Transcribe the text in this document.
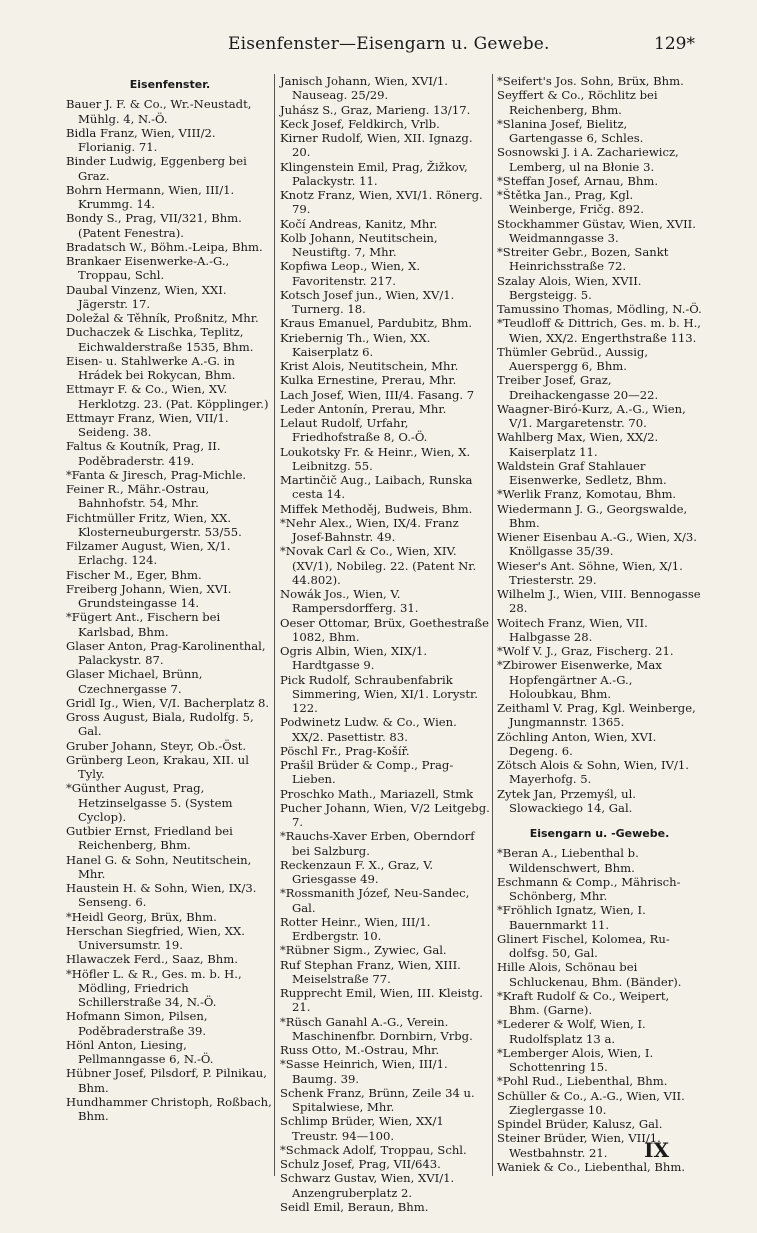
Eisenfenster—Eisengarn u. Gewebe.	129*
Eisenfenster.
Bauer J. F. & Co., Wr.-Neustadt, Mühlg. 4, N.-Ö.
Bidla Franz, Wien, VIII/2. Florianig. 71.
Binder Ludwig, Eggenberg bei Graz.
Bohrn Hermann, Wien, III/1. Krummg. 14.
Bondy S., Prag, VII/321, Bhm. (Patent Fenestra).
Bradatsch W., Böhm.-Leipa, Bhm.
Brankaer Eisenwerke-A.-G., Troppau, Schl.
Daubal Vinzenz, Wien, XXI. Jägerstr. 17.
Doležal & Těhník, Proßnitz, Mhr.
Duchaczek & Lischka, Teplitz, Eichwalderstraße 1535, Bhm.
Eisen- u. Stahlwerke A.-G. in Hrádek bei Rokycan, Bhm.
Ettmayr F. & Co., Wien, XV. Herklotzg. 23. (Pat. Köpplinger.)
Ettmayr Franz, Wien, VII/1. Seideng. 38.
Faltus & Koutník, Prag, II. Poděbraderstr. 419.
*Fanta & Jiresch, Prag-Michle.
Feiner R., Mähr.-Ostrau, Bahnhofstr. 54, Mhr.
Fichtmüller Fritz, Wien, XX. Klosterneuburgerstr. 53/55.
Filzamer August, Wien, X/1. Erlachg. 124.
Fischer M., Eger, Bhm.
Freiberg Johann, Wien, XVI. Grundsteingasse 14.
*Fügert Ant., Fischern bei Karlsbad, Bhm.
Glaser Anton, Prag-Karolinenthal, Palackystr. 87.
Glaser Michael, Brünn, Czechnergasse 7.
Gridl Ig., Wien, V/I. Bacherplatz 8.
Gross August, Biala, Rudolfg. 5, Gal.
Gruber Johann, Steyr, Ob.-Öst.
Grünberg Leon, Krakau, XII. ul Tyly.
*Günther August, Prag, Hetzinselgasse 5. (System Cyclop).
Gutbier Ernst, Friedland bei Reichenberg, Bhm.
Hanel G. & Sohn, Neutitschein, Mhr.
Haustein H. & Sohn, Wien, IX/3. Senseng. 6.
*Heidl Georg, Brüx, Bhm.
Herschan Siegfried, Wien, XX. Universumstr. 19.
Hlawaczek Ferd., Saaz, Bhm.
*Höfler L. & R., Ges. m. b. H., Mödling, Friedrich Schillerstraße 34, N.-Ö.
Hofmann Simon, Pilsen, Poděbraderstraße 39.
Hönl Anton, Liesing, Pellmanngasse 6, N.-Ö.
Hübner Josef, Pilsdorf, P. Pilnikau, Bhm.
Hundhammer Christoph, Roßbach, Bhm.
Janisch Johann, Wien, XVI/1. Nauseag. 25/29.
Juhász S., Graz, Marieng. 13/17.
Keck Josef, Feldkirch, Vrlb.
Kirner Rudolf, Wien, XII. Ignazg. 20.
Klingenstein Emil, Prag, Žižkov, Palackystr. 11.
Knotz Franz, Wien, XVI/1. Rönerg. 79.
Kočí Andreas, Kanitz, Mhr.
Kolb Johann, Neutitschein, Neustiftg. 7, Mhr.
Kopfiwa Leop., Wien, X. Favoritenstr. 217.
Kotsch Josef jun., Wien, XV/1. Turnerg. 18.
Kraus Emanuel, Pardubitz, Bhm.
Kriebernig Th., Wien, XX. Kaiserplatz 6.
Krist Alois, Neutitschein, Mhr.
Kulka Ernestine, Prerau, Mhr.
Lach Josef, Wien, III/4. Fasang. 7
Leder Antonín, Prerau, Mhr.
Lelaut Rudolf, Urfahr, Friedhofstraße 8, O.-Ö.
Loukotsky Fr. & Heinr., Wien, X. Leibnitzg. 55.
Martinčič Aug., Laibach, Runska cesta 14.
Miffek Methoděj, Budweis, Bhm.
*Nehr Alex., Wien, IX/4. Franz Josef-Bahnstr. 49.
*Novak Carl & Co., Wien, XIV. (XV/1), Nobileg. 22. (Patent Nr. 44.802).
Nowák Jos., Wien, V. Rampersdorfferg. 31.
Oeser Ottomar, Brüx, Goethestraße 1082, Bhm.
Ogris Albin, Wien, XIX/1. Hardtgasse 9.
Pick Rudolf, Schraubenfabrik Simmering, Wien, XI/1. Lorystr. 122.
Podwinetz Ludw. & Co., Wien. XX/2. Pasettistr. 83.
Pöschl Fr., Prag-Košíř.
Prašil Brüder & Comp., Prag-Lieben.
Proschko Math., Mariazell, Stmk
Pucher Johann, Wien, V/2 Leitgebg. 7.
*Rauchs-Xaver Erben, Oberndorf bei Salzburg.
Reckenzaun F. X., Graz, V. Griesgasse 49.
*Rossmanith Józef, Neu-Sandec, Gal.
Rotter Heinr., Wien, III/1. Erdbergstr. 10.
*Rübner Sigm., Zywiec, Gal.
Ruf Stephan Franz, Wien, XIII. Meiselstraße 77.
Rupprecht Emil, Wien, III. Kleistg. 21.
*Rüsch Ganahl A.-G., Verein. Maschinenfbr. Dornbirn, Vrbg.
Russ Otto, M.-Ostrau, Mhr.
*Sasse Heinrich, Wien, III/1. Baumg. 39.
Schenk Franz, Brünn, Zeile 34 u. Spitalwiese, Mhr.
Schlimp Brüder, Wien, XX/1 Treustr. 94—100.
*Schmack Adolf, Troppau, Schl.
Schulz Josef, Prag, VII/643.
Schwarz Gustav, Wien, XVI/1. Anzengruberplatz 2.
Seidl Emil, Beraun, Bhm.
*Seifert's Jos. Sohn, Brüx, Bhm.
Seyffert & Co., Röchlitz bei Reichenberg, Bhm.
*Slanina Josef, Bielitz, Gartengasse 6, Schles.
Sosnowski J. i A. Zachariewicz, Lemberg, ul na Błonie 3.
*Steffan Josef, Arnau, Bhm.
*Štětka Jan., Prag, Kgl. Weinberge, Fričg. 892.
Stockhammer Güstav, Wien, XVII. Weidmanngasse 3.
*Streiter Gebr., Bozen, Sankt Heinrichsstraße 72.
Szalay Alois, Wien, XVII. Bergsteigg. 5.
Tamussino Thomas, Mödling, N.-Ö.
*Teudloff & Dittrich, Ges. m. b. H., Wien, XX/2. Engerthstraße 113.
Thümler Gebrüd., Aussig, Auerspergg 6, Bhm.
Treiber Josef, Graz, Dreihackengasse 20—22.
Waagner-Biró-Kurz, A.-G., Wien, V/1. Margaretenstr. 70.
Wahlberg Max, Wien, XX/2. Kaiserplatz 11.
Waldstein Graf Stahlauer Eisenwerke, Sedletz, Bhm.
*Werlik Franz, Komotau, Bhm.
Wiedermann J. G., Georgswalde, Bhm.
Wiener Eisenbau A.-G., Wien, X/3. Knöllgasse 35/39.
Wieser's Ant. Söhne, Wien, X/1. Triesterstr. 29.
Wilhelm J., Wien, VIII. Bennogasse 28.
Woitech Franz, Wien, VII. Halbgasse 28.
*Wolf V. J., Graz, Fischerg. 21.
*Zbirower Eisenwerke, Max Hopfengärtner A.-G., Holoubkau, Bhm.
Zeithaml V. Prag, Kgl. Weinberge, Jungmannstr. 1365.
Zöchling Anton, Wien, XVI. Degeng. 6.
Zötsch Alois & Sohn, Wien, IV/1. Mayerhofg. 5.
Zytek Jan, Przemyśl, ul. Slowackiego 14, Gal.
Eisengarn u. -Gewebe.
*Beran A., Liebenthal b. Wildenschwert, Bhm.
Eschmann & Comp., Mährisch-Schönberg, Mhr.
*Fröhlich Ignatz, Wien, I. Bauernmarkt 11.
Glinert Fischel, Kolomea, Ru-dolfsg. 50, Gal.
Hille Alois, Schönau bei Schluckenau, Bhm. (Bänder).
*Kraft Rudolf & Co., Weipert, Bhm. (Garne).
*Lederer & Wolf, Wien, I. Rudolfsplatz 13 a.
*Lemberger Alois, Wien, I. Schottenring 15.
*Pohl Rud., Liebenthal, Bhm.
Schüller & Co., A.-G., Wien, VII. Zieglergasse 10.
Spindel Brüder, Kalusz, Gal.
Steiner Brüder, Wien, VII/1. Westbahnstr. 21.
Waniek & Co., Liebenthal, Bhm.
IX
